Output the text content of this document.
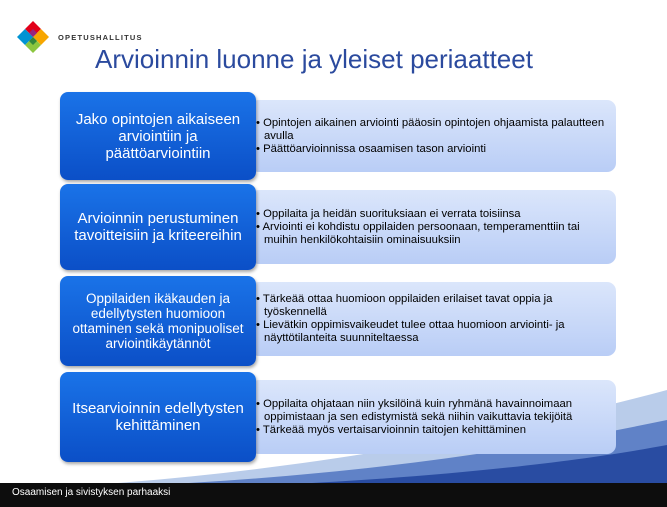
OPETUSHALLITUS
Arvioinnin luonne ja yleiset periaatteet
• Opintojen aikainen arviointi pääosin opintojen ohjaamista palautteen avulla
• Päättöarvioinnissa osaamisen tason arviointi
Jako opintojen aikaiseen arviointiin ja päättöarviointiin
• Oppilaita ja heidän suorituksiaan ei verrata toisiinsa
• Arviointi ei kohdistu oppilaiden persoonaan, temperamenttiin tai muihin henkilökohtaisiin ominaisuuksiin
Arvioinnin perustuminen tavoitteisiin ja kriteereihin
• Tärkeää ottaa huomioon oppilaiden erilaiset tavat oppia ja työskennellä
• Lievätkin oppimisvaikeudet tulee ottaa huomioon arviointi- ja näyttötilanteita suunniteltaessa
Oppilaiden ikäkauden ja edellytysten huomioon ottaminen sekä monipuoliset arviointikäytännöt
• Oppilaita ohjataan niin yksilöinä kuin ryhmänä havainnoimaan oppimistaan ja sen edistymistä sekä niihin vaikuttavia tekijöitä
• Tärkeää myös vertaisarvioinnin taitojen kehittäminen
Itsearvioinnin edellytysten kehittäminen
Osaamisen ja sivistyksen parhaaksi
